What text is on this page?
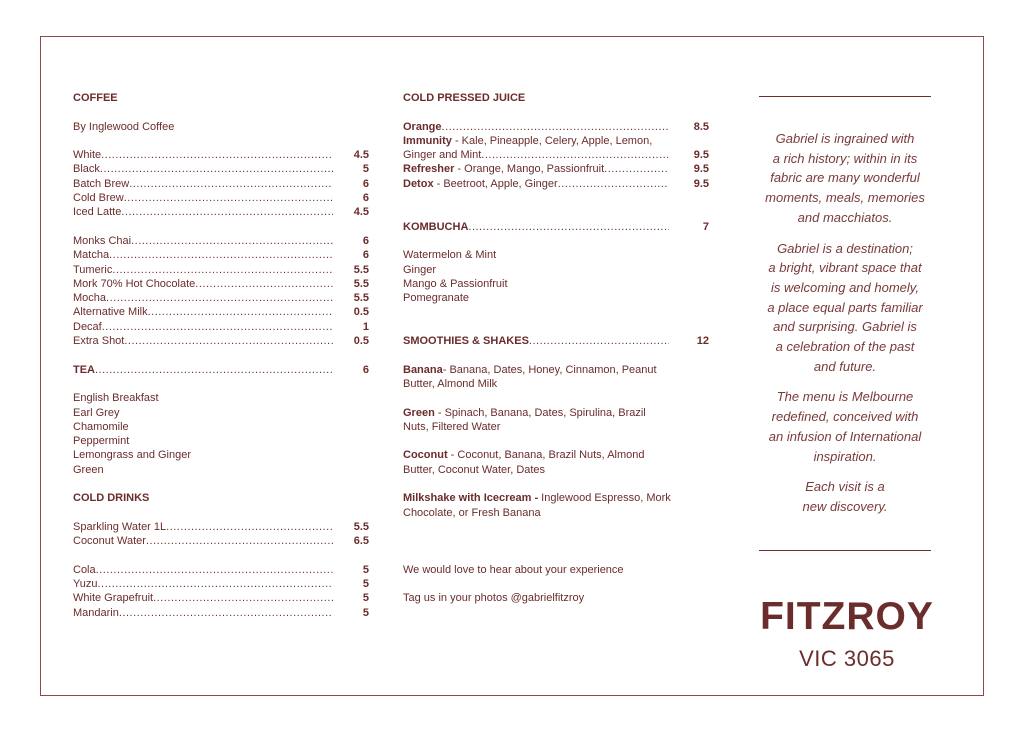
COFFEE
By Inglewood Coffee
White .....	4.5
Black .....	5
Batch Brew .....	6
Cold Brew .....	6
Iced Latte .....	4.5
Monks Chai .....	6
Matcha .....	6
Tumeric .....	5.5
Mork 70% Hot Chocolate .....	5.5
Mocha .....	5.5
Alternative Milk .....	0.5
Decaf .....	1
Extra Shot .....	0.5
TEA .....	6
English Breakfast
Earl Grey
Chamomile
Peppermint
Lemongrass and Ginger
Green
COLD DRINKS
Sparkling Water 1L .....	5.5
Coconut Water .....	6.5
Cola .....	5
Yuzu .....	5
White Grapefruit .....	5
Mandarin .....	5
COLD PRESSED JUICE
Orange .....	8.5
Immunity - Kale, Pineapple, Celery, Apple, Lemon,
Ginger and Mint .....	9.5
Refresher - Orange, Mango, Passionfruit .....	9.5
Detox - Beetroot, Apple, Ginger .....	9.5
KOMBUCHA .....	7
Watermelon & Mint
Ginger
Mango & Passionfruit
Pomegranate
SMOOTHIES & SHAKES .....	12
Banana- Banana, Dates, Honey, Cinnamon, Peanut Butter, Almond Milk
Green - Spinach, Banana, Dates, Spirulina, Brazil Nuts, Filtered Water
Coconut - Coconut, Banana, Brazil Nuts, Almond Butter, Coconut Water, Dates
Milkshake with Icecream - Inglewood Espresso, Mork Chocolate, or Fresh Banana
We would love to hear about your experience
Tag us in your photos @gabrielfitzroy

Gabriel is ingrained with
a rich history; within in its
fabric are many wonderful
moments, meals, memories
and macchiatos.

Gabriel is a destination;
a bright, vibrant space that
is welcoming and homely,
a place equal parts familiar
and surprising. Gabriel is
a celebration of the past
and future.

The menu is Melbourne
redefined, conceived with
an infusion of International
inspiration.

Each visit is a
new discovery.

FITZROY
VIC 3065
